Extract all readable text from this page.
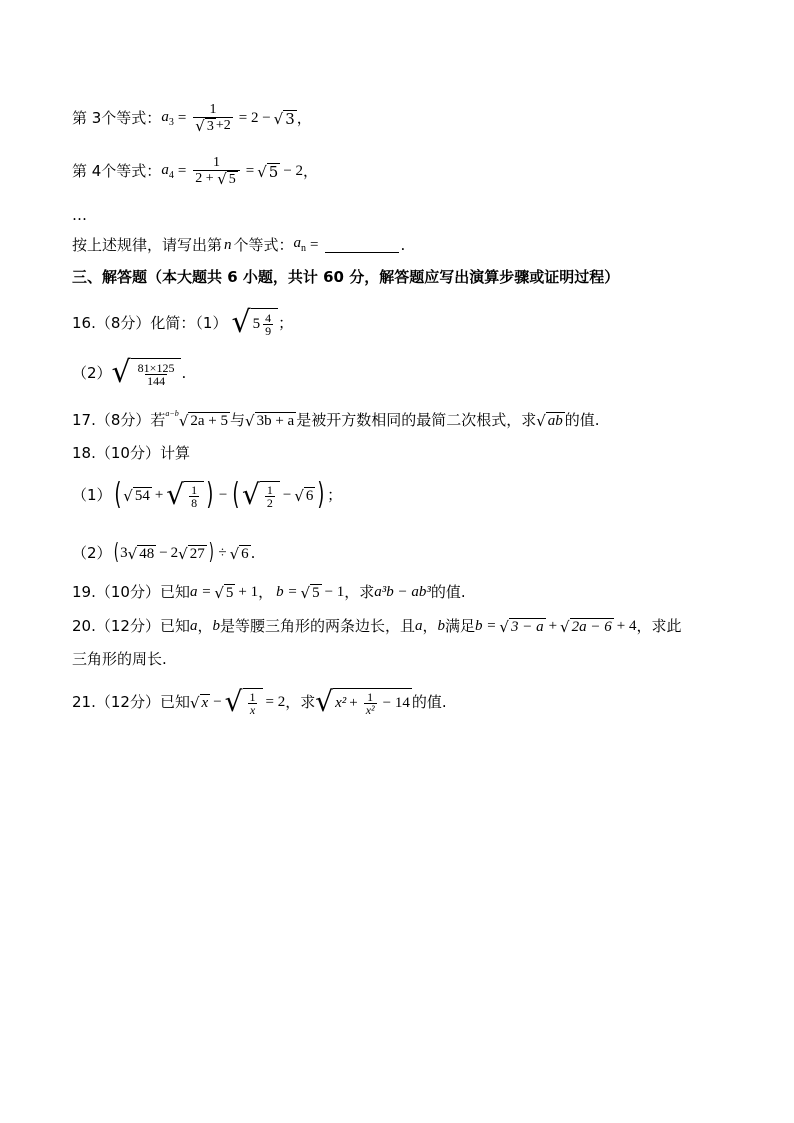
第 3个等式： $a_3 = \frac{1}{√ 3 +2} = 2$ − √ 3 ，
第 4个等式： $a_4 = \frac{1}{2 + √ 5}$ = √ 5 − 2 ，
…
按上述规律，请写出第 n 个等式： $a_n$ =	.
三、解答题（本大题共 6 小题，共计 60 分，解答题应写出演算步骤或证明过程）
16.（8分）化简：（1） √ $5 \frac{4}{9}$ ；
（2） √ $\frac{81\times 125}{144}$ .
17.（8分）若 a−b √ 2a + 5 与 √ 3b + a 是被开方数相同的最简二次根式，求 √ ab 的值.
18.（10分）计算
（1） ( √ 54 + √ $\frac{1}{8}$ ) − ( √ $\frac{1}{2}$ − √ 6 ) ；
（2） ( 3 √ 48 − 2 √ 27 ) ÷ √ 6 .
19.（10分）已知 a = √ 5 + 1 ， b = √ 5 − 1 ，求 a³b − ab³ 的值.
20.（12分）已知 a ， b 是等腰三角形的两条边长，且 a ， b 满足 b = √ 3 − a + √ 2a − 6 + 4 ，求此
三角形的周长.
21.（12分）已知 √ x − √ $\frac{1}{x} = 2$ ，求 √ $x^2 + \frac{1}{\text{x²}} - 14$ 的值.
